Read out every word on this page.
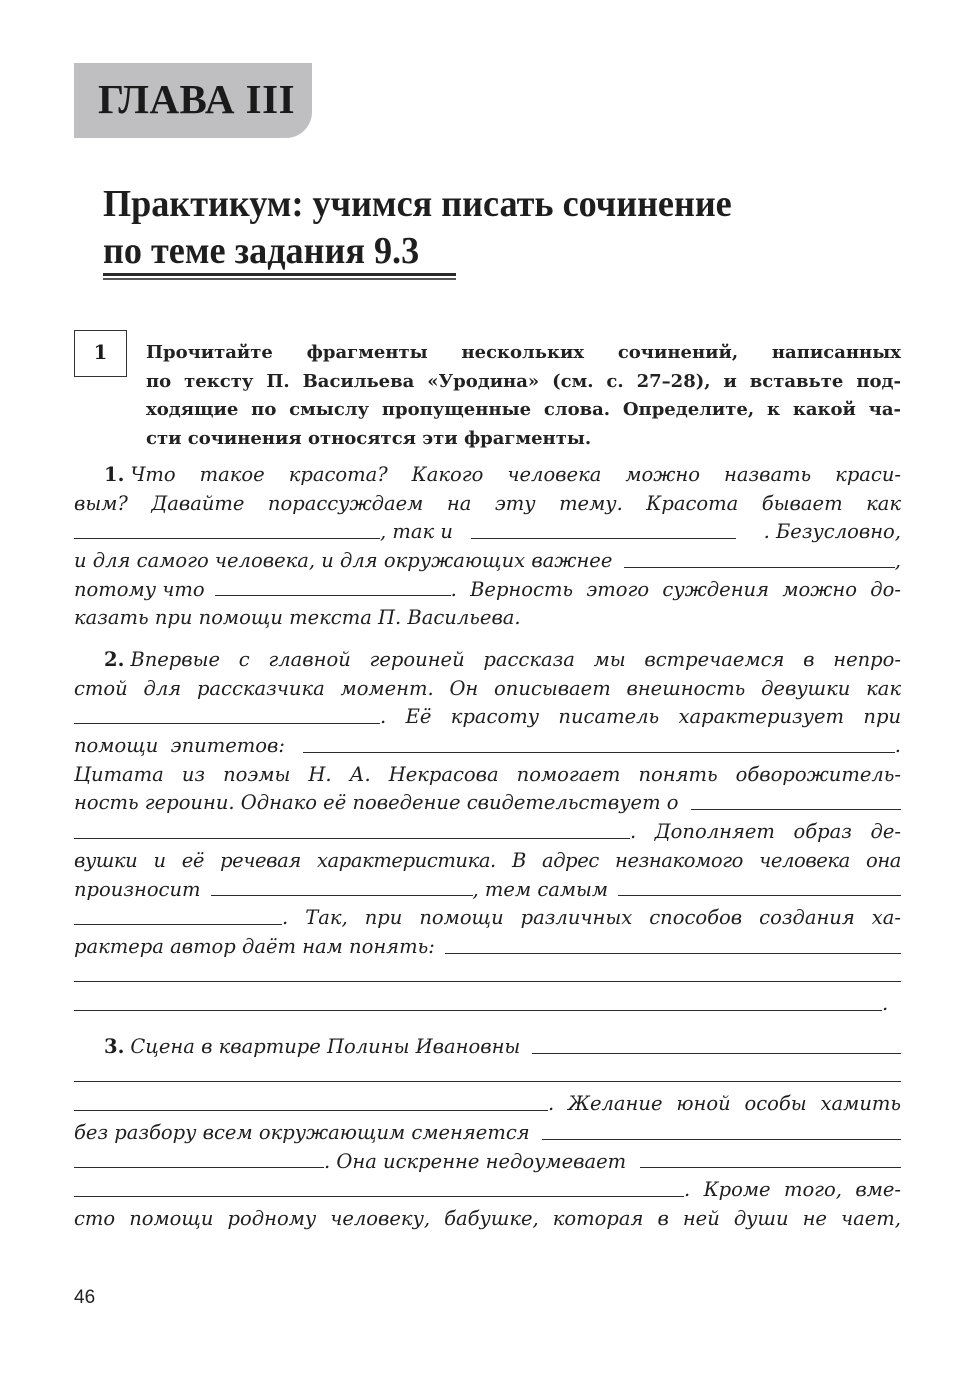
ГЛАВА III
Практикум: учимся писать сочинение
по теме задания 9.3
1 Прочитайте фрагменты нескольких сочинений, написанных
по тексту П. Васильева «Уродина» (см. с. 27–28), и вставьте под-
ходящие по смыслу пропущенные слова. Определите, к какой ча-
сти сочинения относятся эти фрагменты.
1. Что такое красота? Какого человека можно назвать краси-
вым? Давайте порассуждаем на эту тему. Красота бывает как
, так и	. Безусловно,
и для самого человека, и для окружающих важнее	,
потому что	. Верность этого суждения можно до-
казать при помощи текста П. Васильева.
2. Впервые с главной героиней рассказа мы встречаемся в непро-
стой для рассказчика момент. Он описывает внешность девушки как
. Её красоту писатель характеризует при
помощи  эпитетов:	.
Цитата из поэмы Н. А. Некрасова помогает понять обворожитель-
ность героини. Однако её поведение свидетельствует о
. Дополняет образ де-
вушки и её речевая характеристика. В адрес незнакомого человека она
произносит	, тем самым
. Так, при помощи различных способов создания ха-
рактера автор даёт нам понять:
.
3. Сцена в квартире Полины Ивановны
. Желание юной особы хамить
без разбору всем окружающим сменяется
. Она искренне недоумевает
. Кроме того, вме-
сто помощи родному человеку, бабушке, которая в ней души не чает,
46
